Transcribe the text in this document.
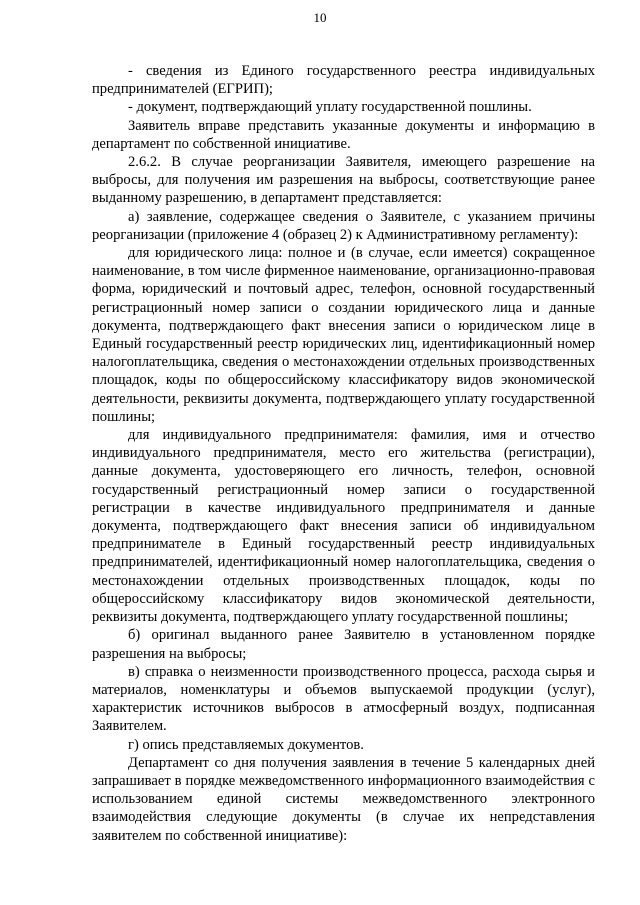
10

- сведения из Единого государственного реестра индивидуальных предпринимателей (ЕГРИП);

- документ, подтверждающий уплату государственной пошлины.

Заявитель вправе представить указанные документы и информацию в департамент по собственной инициативе.

2.6.2. В случае реорганизации Заявителя, имеющего разрешение на выбросы, для получения им разрешения на выбросы, соответствующие ранее выданному разрешению, в департамент представляется:

а) заявление, содержащее сведения о Заявителе, с указанием причины реорганизации (приложение 4 (образец 2) к Административному регламенту):

для юридического лица: полное и (в случае, если имеется) сокращенное наименование, в том числе фирменное наименование, организационно-правовая форма, юридический и почтовый адрес, телефон, основной государственный регистрационный номер записи о создании юридического лица и данные документа, подтверждающего факт внесения записи о юридическом лице в Единый государственный реестр юридических лиц, идентификационный номер налогоплательщика, сведения о местонахождении отдельных производственных площадок, коды по общероссийскому классификатору видов экономической деятельности, реквизиты документа, подтверждающего уплату государственной пошлины;

для индивидуального предпринимателя: фамилия, имя и отчество индивидуального предпринимателя, место его жительства (регистрации), данные документа, удостоверяющего его личность, телефон, основной государственный регистрационный номер записи о государственной регистрации в качестве индивидуального предпринимателя и данные документа, подтверждающего факт внесения записи об индивидуальном предпринимателе в Единый государственный реестр индивидуальных предпринимателей, идентификационный номер налогоплательщика, сведения о местонахождении отдельных производственных площадок, коды по общероссийскому классификатору видов экономической деятельности, реквизиты документа, подтверждающего уплату государственной пошлины;

б) оригинал выданного ранее Заявителю в установленном порядке разрешения на выбросы;

в) справка о неизменности производственного процесса, расхода сырья и материалов, номенклатуры и объемов выпускаемой продукции (услуг), характеристик источников выбросов в атмосферный воздух, подписанная Заявителем.

г) опись представляемых документов.

Департамент со дня получения заявления в течение 5 календарных дней запрашивает в порядке межведомственного информационного взаимодействия с использованием единой системы межведомственного электронного взаимодействия следующие документы (в случае их непредставления заявителем по собственной инициативе):
